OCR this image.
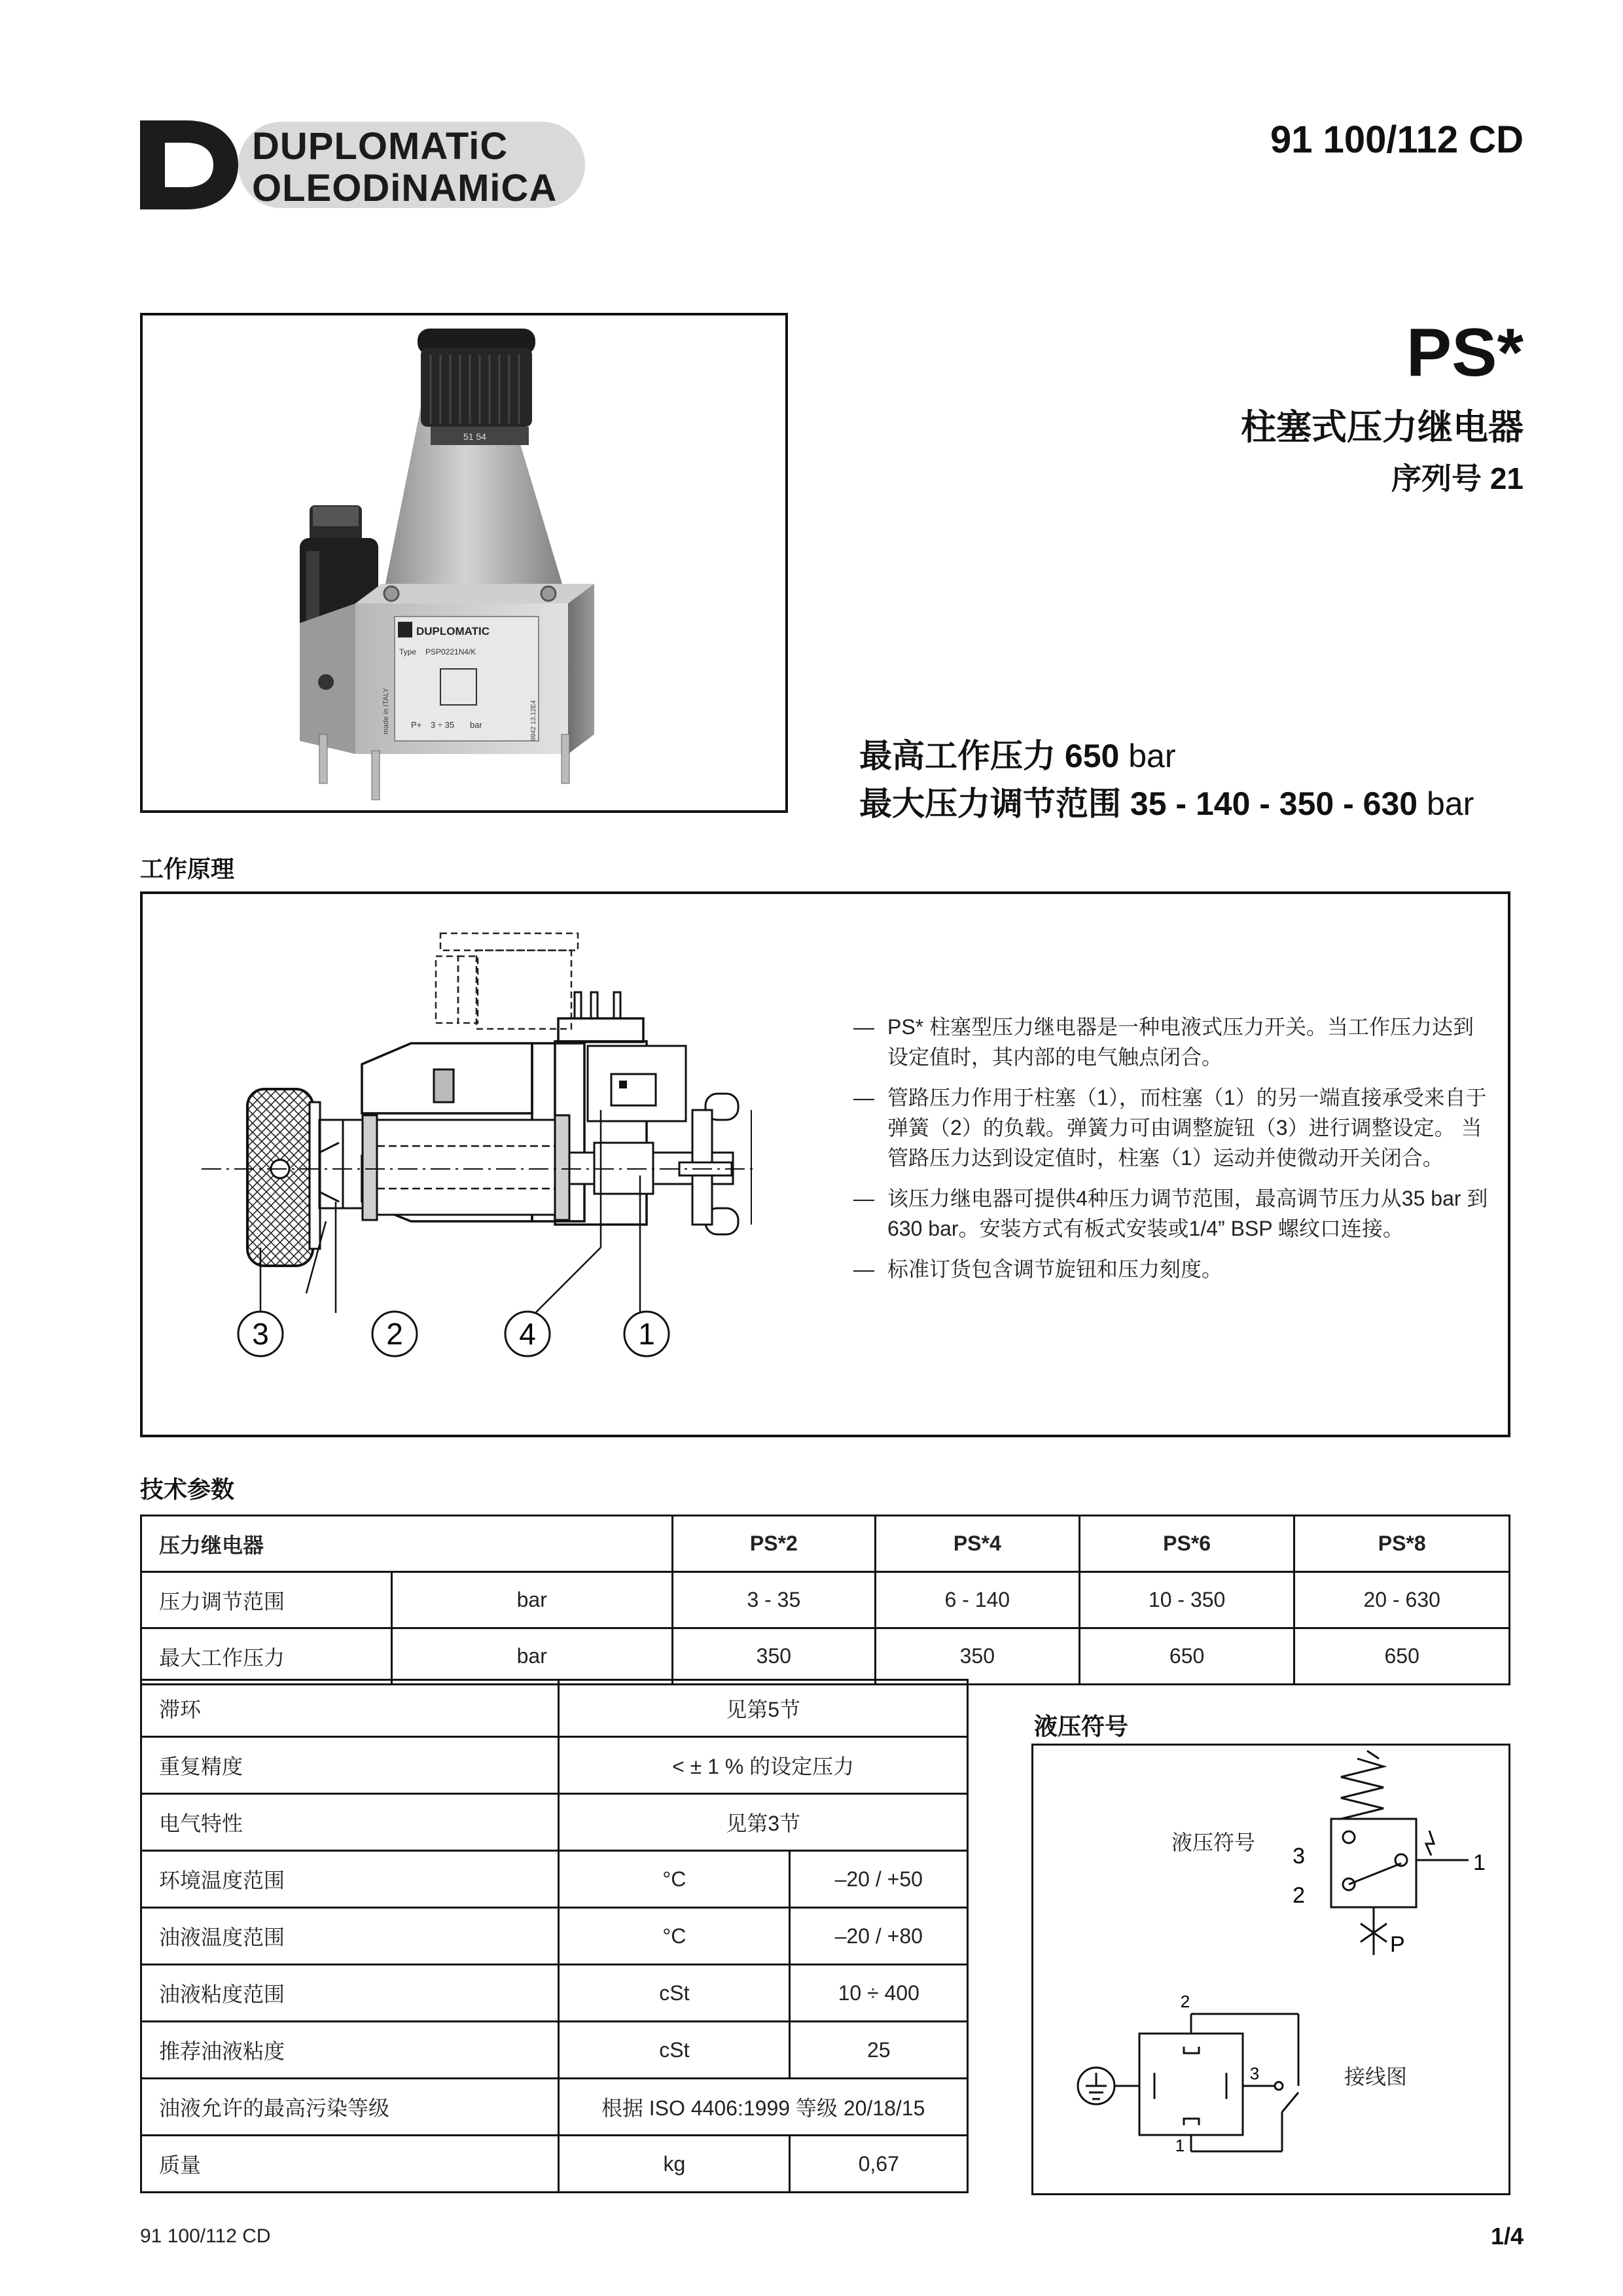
DUPLOMATiC
OLEODiNAMiCA
91 100/112 CD
51 54
DUPLOMATIC
Type PSP0221N4/K
P+ 3 ÷ 35 bar
made in ITALY	9942 13.12E4
PS*
柱塞式压力继电器
序列号 21
最高工作压力 650 bar
最大压力调节范围 35 - 140 - 350 - 630 bar
工作原理
3	2	4	1
— PS* 柱塞型压力继电器是一种电液式压力开关。当工作压力达到设定值时，其内部的电气触点闭合。
— 管路压力作用于柱塞（1），而柱塞（1）的另一端直接承受来自于弹簧（2）的负载。弹簧力可由调整旋钮（3）进行调整设定。 当管路压力达到设定值时，柱塞（1）运动并使微动开关闭合。
— 该压力继电器可提供4种压力调节范围，最高调节压力从35 bar 到 630 bar。安装方式有板式安装或1/4” BSP 螺纹口连接。
— 标准订货包含调节旋钮和压力刻度。
技术参数
压力继电器		PS*2	PS*4	PS*6	PS*8
压力调节范围	bar	3 - 35	6 - 140	10 - 350	20 - 630
最大工作压力	bar	350	350	650	650
滞环	见第5节	
重复精度	< ± 1 % 的设定压力	
电气特性	见第3节	
环境温度范围	°C	–20 / +50
油液温度范围	°C	–20 / +80
油液粘度范围	cSt	10 ÷ 400
推荐油液粘度	cSt	25
油液允许的最高污染等级	根据 ISO 4406:1999 等级 20/18/15	
质量	kg	0,67
液压符号
3
2
1
P
2
3
1
液压符号
接线图
91 100/112 CD	1/4
